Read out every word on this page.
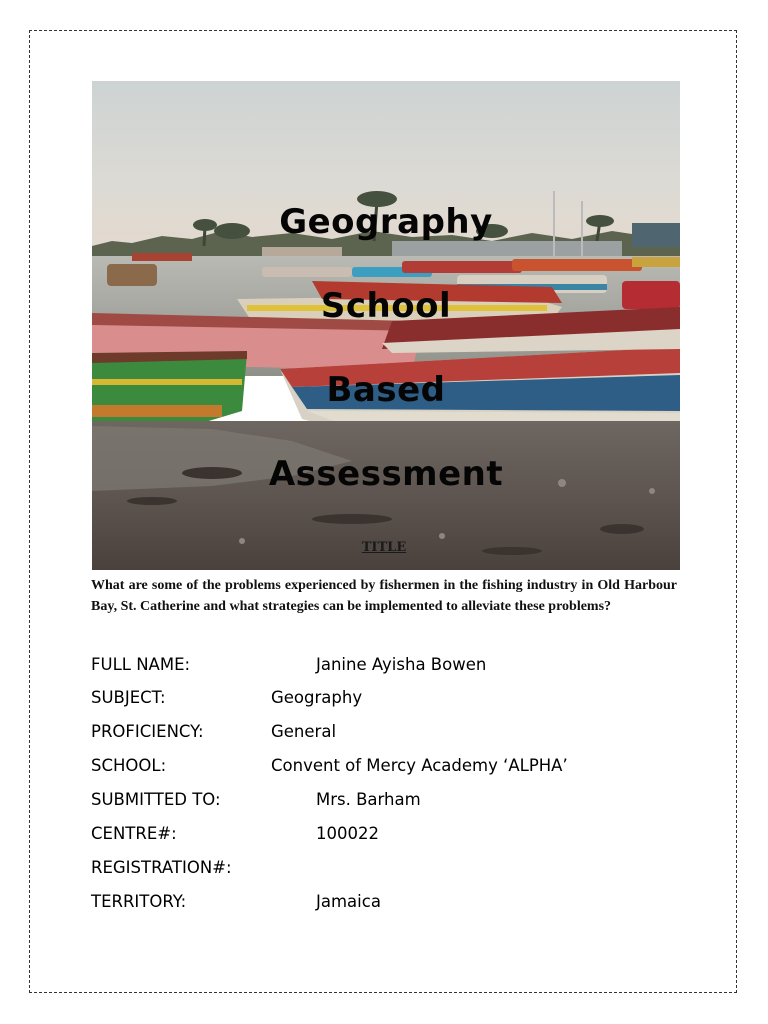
Geography
School
Based
Assessment
TITLE
What are some of the problems experienced by fishermen in the fishing industry in Old Harbour Bay, St. Catherine and what strategies can be implemented to alleviate these problems?
FULL NAME:	Janine Ayisha Bowen
SUBJECT:	Geography
PROFICIENCY:	General
SCHOOL:	Convent of Mercy Academy ‘ALPHA’
SUBMITTED TO:	Mrs. Barham
CENTRE#:	100022
REGISTRATION#:
TERRITORY:	Jamaica
